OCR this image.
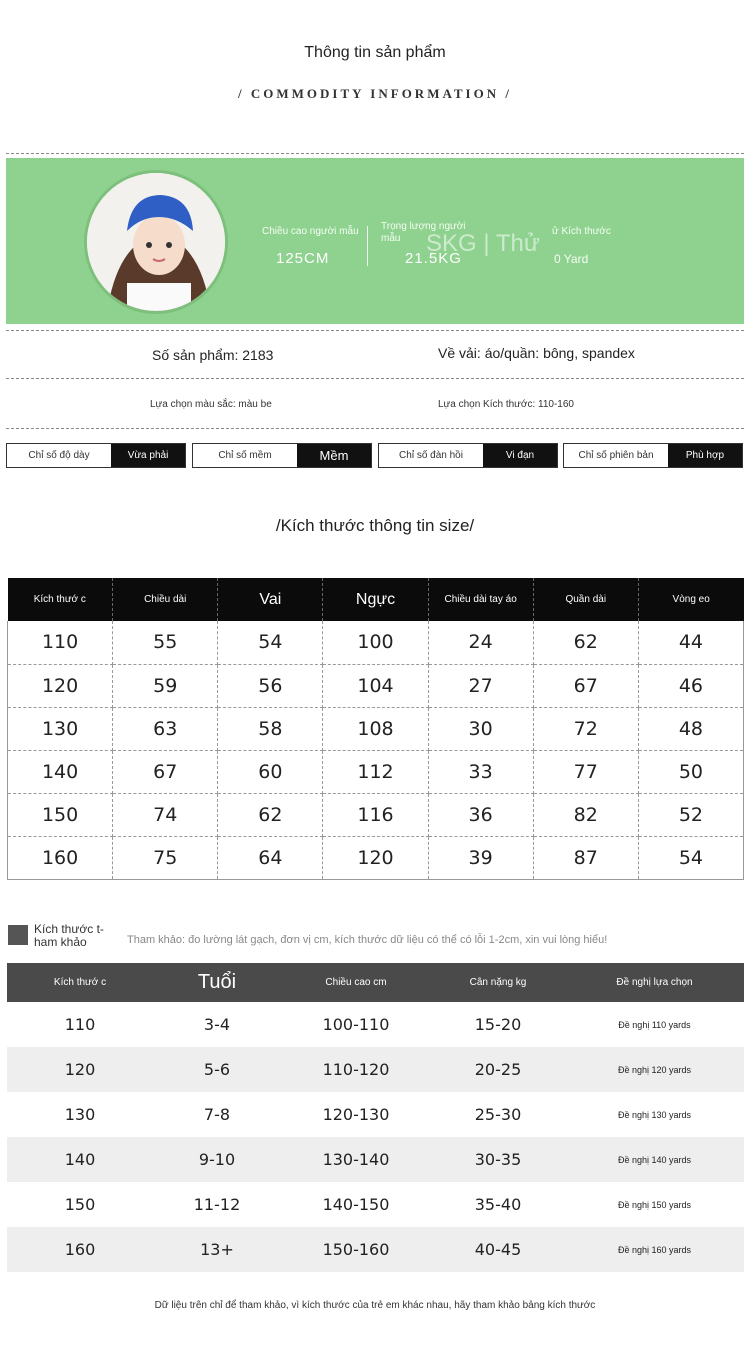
Thông tin sản phẩm
/ COMMODITY INFORMATION /
Chiều cao người mẫu
125CM
Trọng lượng người mẫu	SKG | Thử
21.5KG
ử Kích thước
0 Yard
Số sản phẩm: 2183	Về vải: áo/quần: bông, spandex
Lựa chọn màu sắc: màu be	Lựa chọn Kích thước: 110-160
Chỉ số độ dày	Vừa phải	Chỉ số mềm	Mềm	Chỉ số đàn hồi	Vi đạn	Chỉ số phiên bản	Phù hợp
/Kích thước thông tin size/
Kích thướ c	Chiều dài	Vai	Ngực	Chiều dài tay áo	Quần dài	Vòng eo
110	55	54	100	24	62	44
120	59	56	104	27	67	46
130	63	58	108	30	72	48
140	67	60	112	33	77	50
150	74	62	116	36	82	52
160	75	64	120	39	87	54
Kích thước t- ham khảo	Tham khảo: đo lường lát gạch, đơn vị cm, kích thước dữ liệu có thể có lỗi 1-2cm, xin vui lòng hiểu!
Kích thướ c	Tuổi	Chiều cao cm	Cân nặng kg	Đề nghị lựa chọn
110	3-4	100-110	15-20	Đề nghị 110 yards
120	5-6	110-120	20-25	Đề nghị 120 yards
130	7-8	120-130	25-30	Đề nghị 130 yards
140	9-10	130-140	30-35	Đề nghị 140 yards
150	11-12	140-150	35-40	Đề nghị 150 yards
160	13+	150-160	40-45	Đề nghị 160 yards
Dữ liệu trên chỉ để tham khảo, vì kích thước của trẻ em khác nhau, hãy tham khảo bảng kích thước
